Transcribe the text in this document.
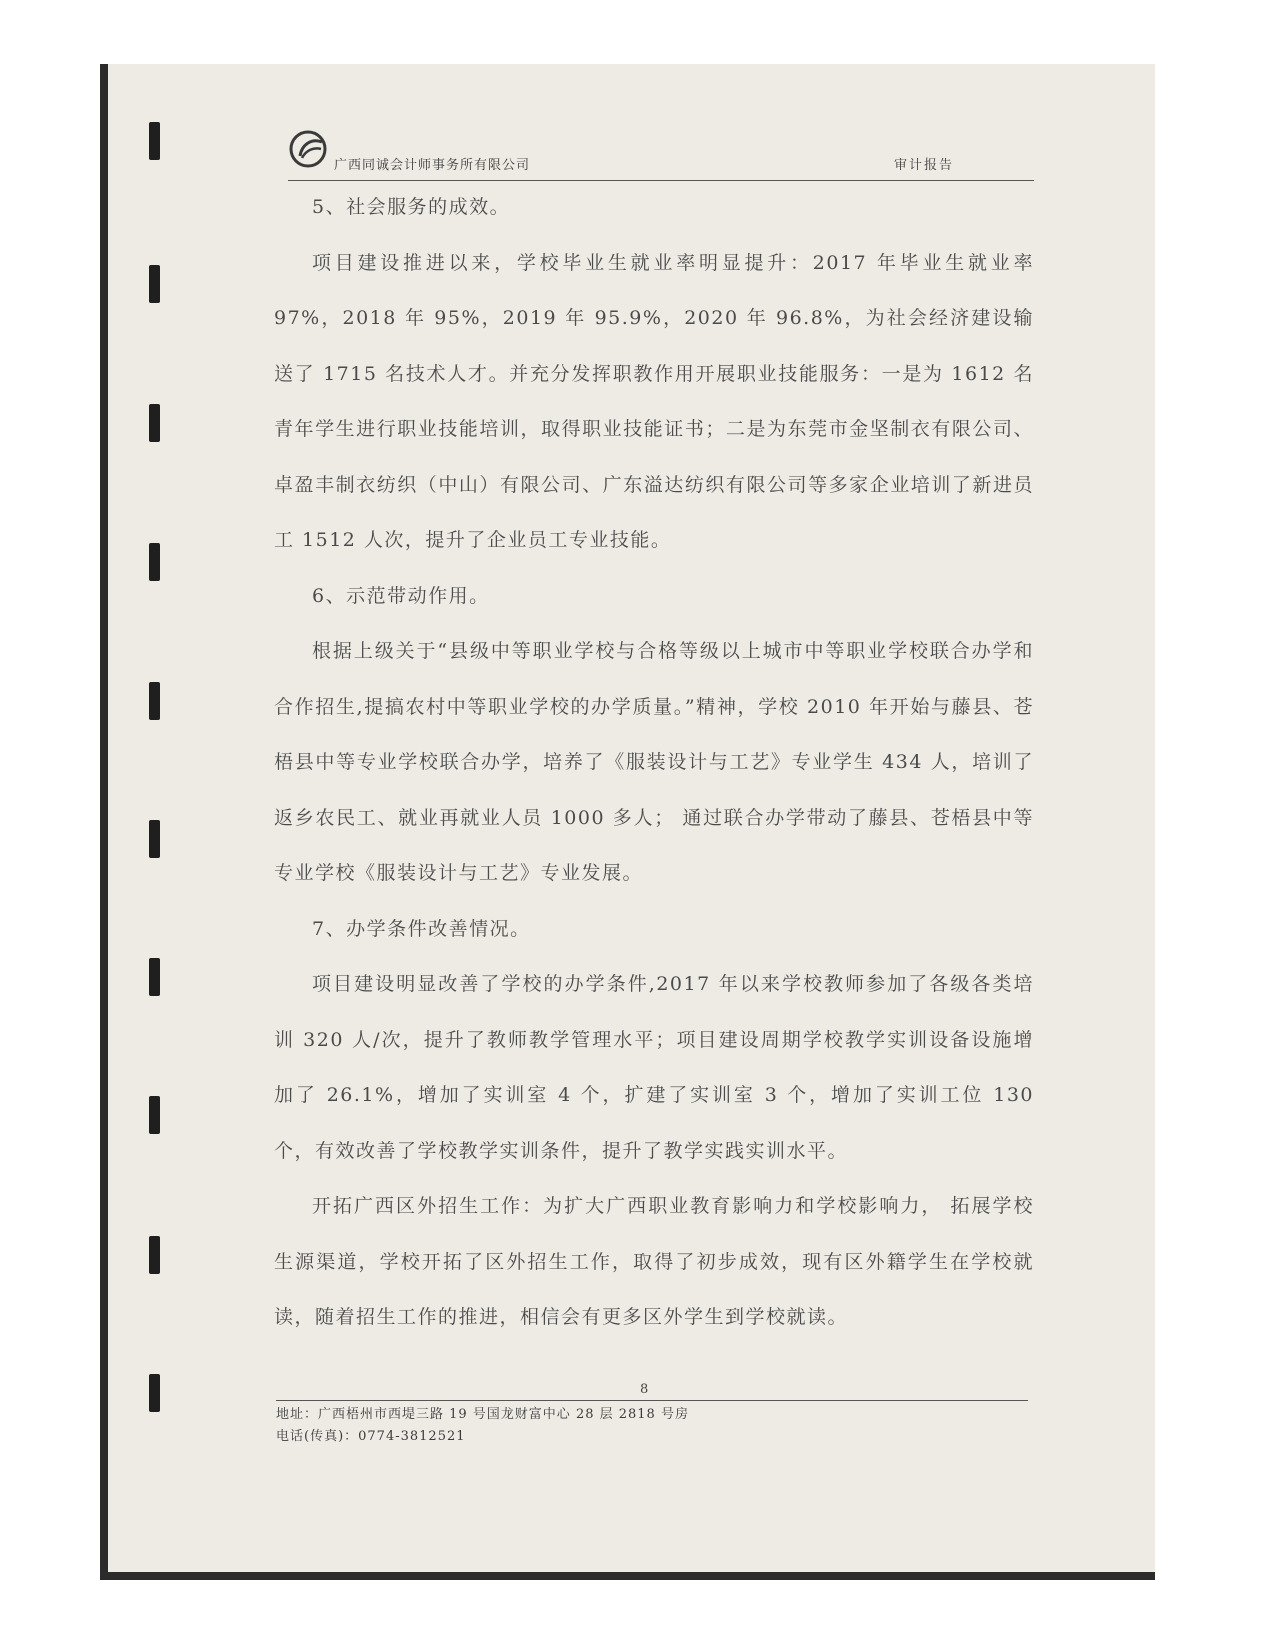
广西同诚会计师事务所有限公司	审计报告

5、社会服务的成效。

项目建设推进以来，学校毕业生就业率明显提升：2017 年毕业生就业率 97%，2018 年 95%，2019 年 95.9%，2020 年 96.8%，为社会经济建设输送了 1715 名技术人才。并充分发挥职教作用开展职业技能服务：一是为 1612 名青年学生进行职业技能培训，取得职业技能证书；二是为东莞市金坚制衣有限公司、卓盈丰制衣纺织（中山）有限公司、广东溢达纺织有限公司等多家企业培训了新进员工 1512 人次，提升了企业员工专业技能。

6、示范带动作用。

根据上级关于“县级中等职业学校与合格等级以上城市中等职业学校联合办学和合作招生,提搞农村中等职业学校的办学质量。”精神，学校 2010 年开始与藤县、苍梧县中等专业学校联合办学，培养了《服装设计与工艺》专业学生 434 人，培训了返乡农民工、就业再就业人员 1000 多人； 通过联合办学带动了藤县、苍梧县中等专业学校《服装设计与工艺》专业发展。

7、办学条件改善情况。

项目建设明显改善了学校的办学条件,2017 年以来学校教师参加了各级各类培训 320 人/次，提升了教师教学管理水平；项目建设周期学校教学实训设备设施增加了 26.1%，增加了实训室 4 个，扩建了实训室 3 个，增加了实训工位 130 个，有效改善了学校教学实训条件，提升了教学实践实训水平。

开拓广西区外招生工作：为扩大广西职业教育影响力和学校影响力， 拓展学校生源渠道，学校开拓了区外招生工作，取得了初步成效，现有区外籍学生在学校就读，随着招生工作的推进，相信会有更多区外学生到学校就读。

8
地址：广西梧州市西堤三路 19 号国龙财富中心 28 层 2818 号房
电话(传真)：0774-3812521
